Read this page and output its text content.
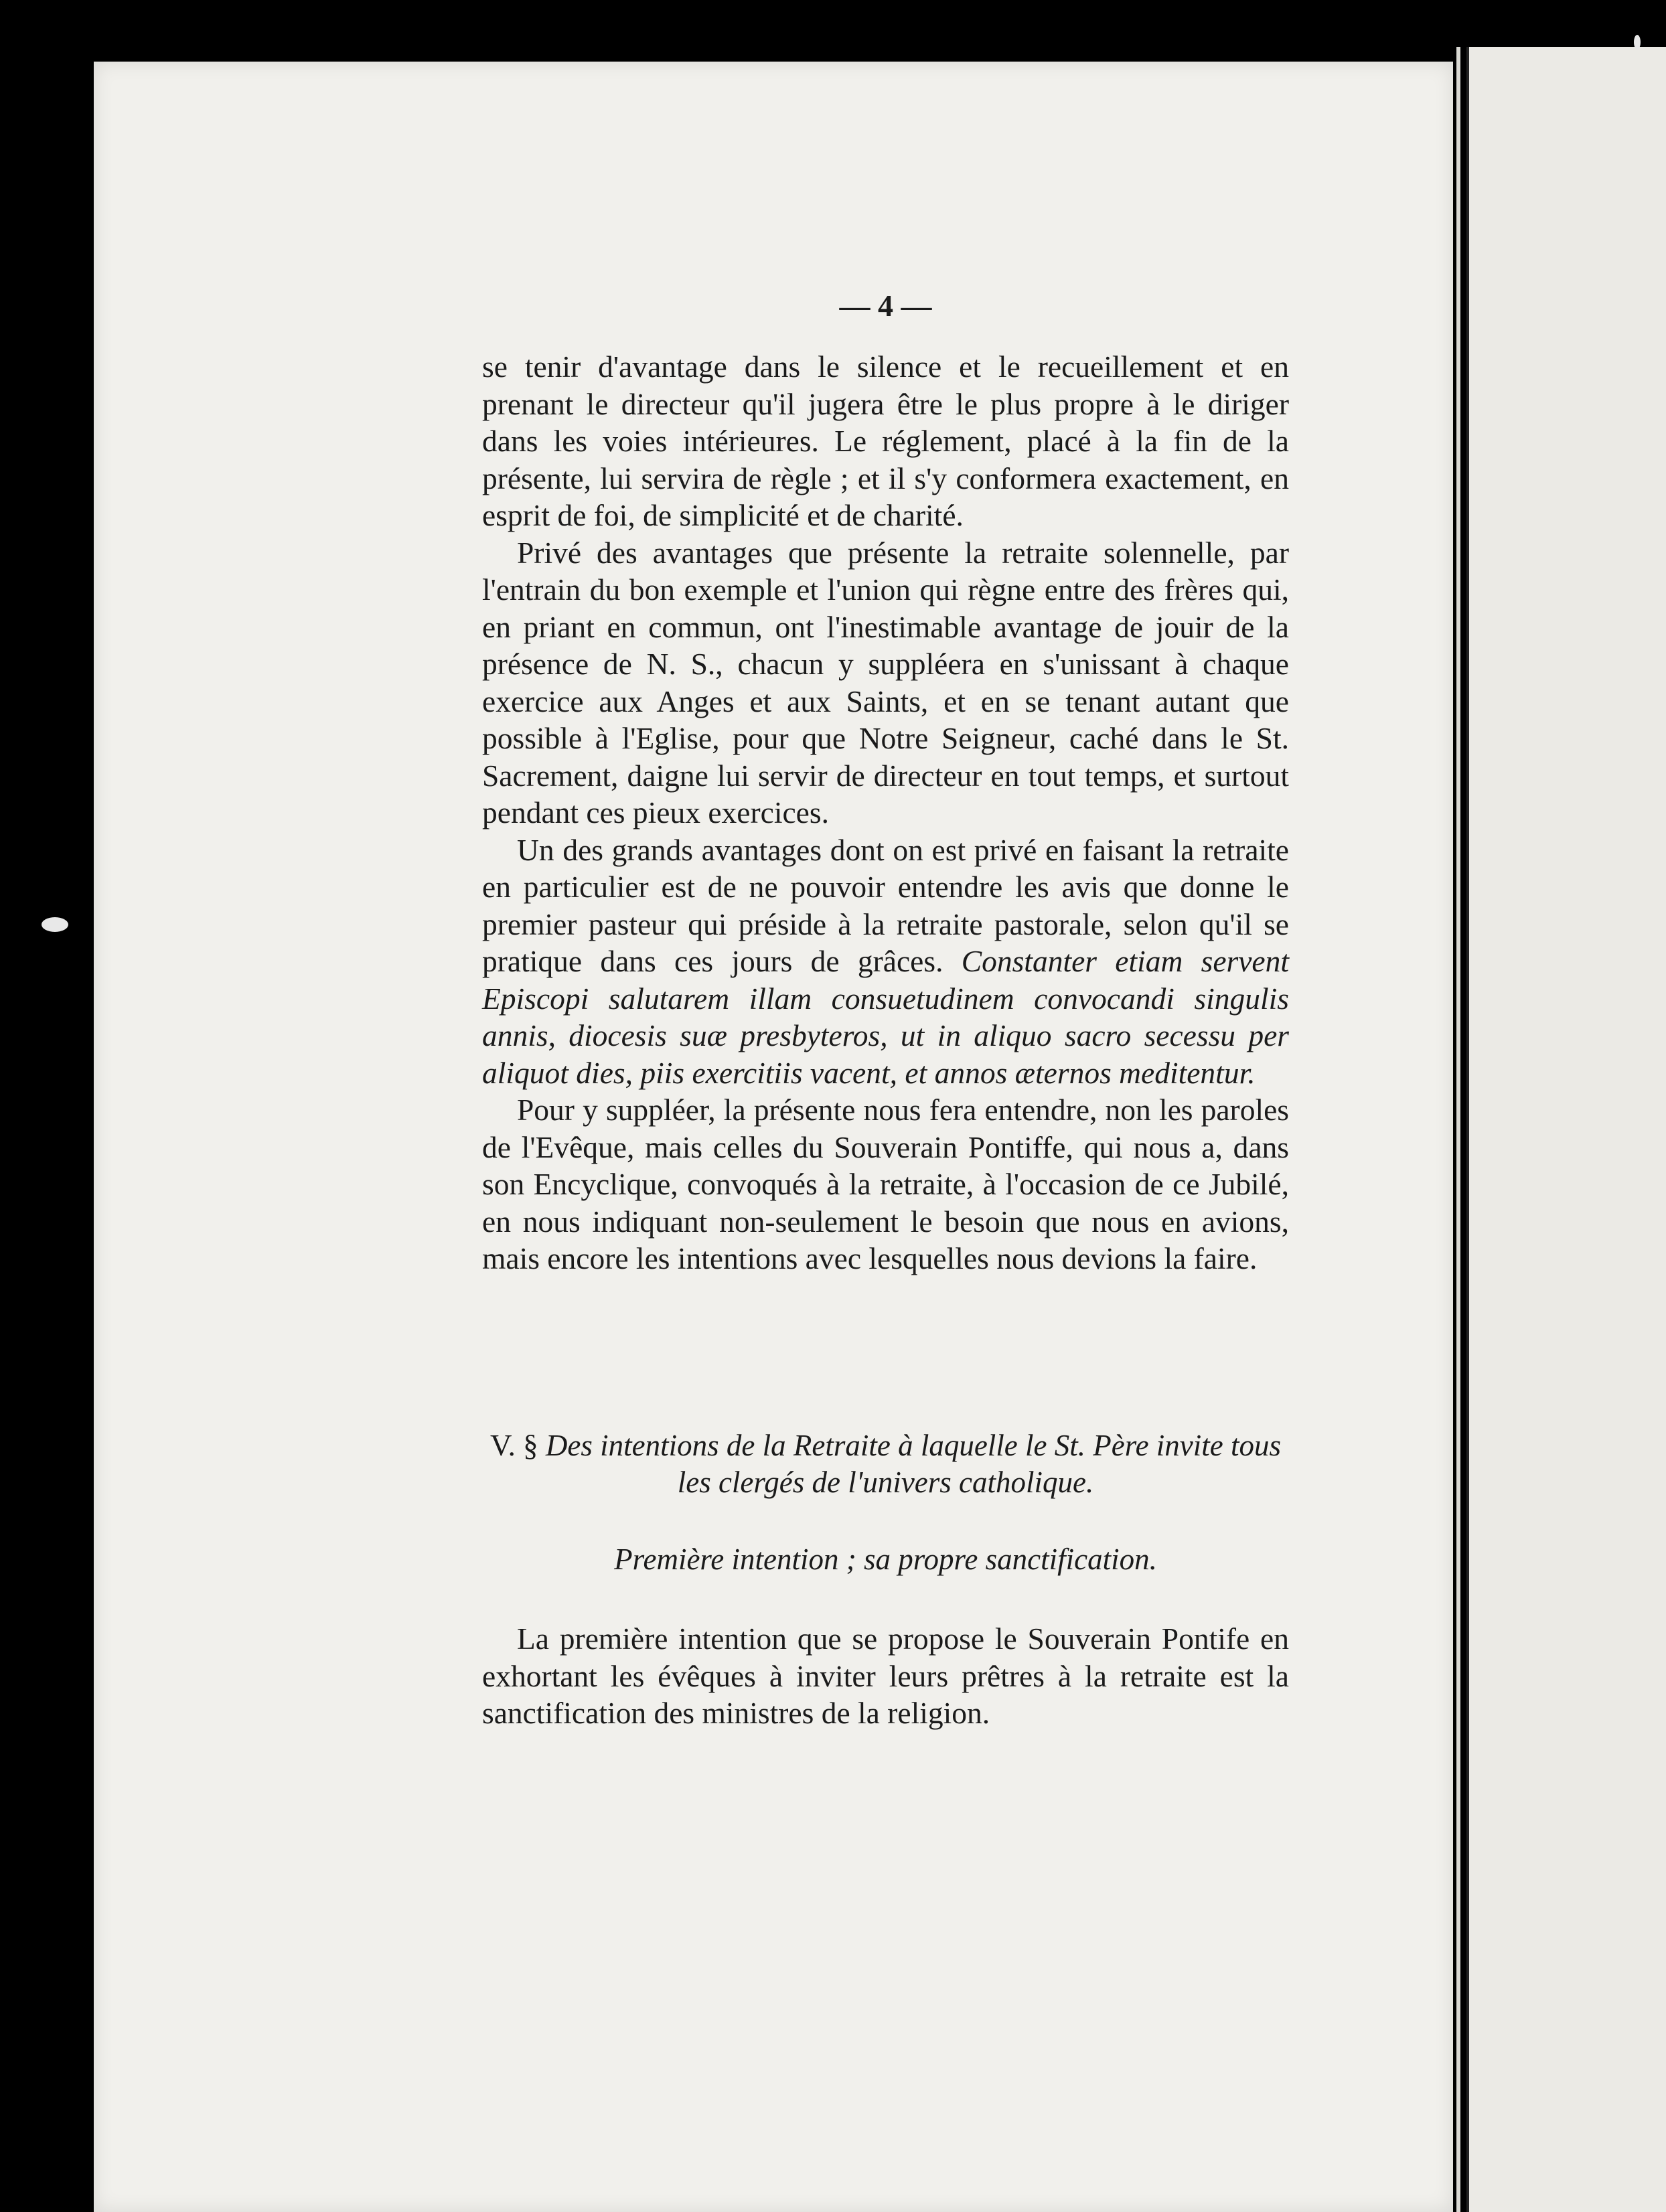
— 4 —

se tenir d'avantage dans le silence et le recueillement et en prenant le directeur qu'il jugera être le plus propre à le diriger dans les voies intérieures. Le réglement, placé à la fin de la présente, lui servira de règle ; et il s'y conformera exactement, en esprit de foi, de simplicité et de charité.

Privé des avantages que présente la retraite solennelle, par l'entrain du bon exemple et l'union qui règne entre des frères qui, en priant en commun, ont l'inestimable avantage de jouir de la présence de N. S., chacun y suppléera en s'unissant à chaque exercice aux Anges et aux Saints, et en se tenant autant que possible à l'Eglise, pour que Notre Seigneur, caché dans le St. Sacrement, daigne lui servir de directeur en tout temps, et surtout pendant ces pieux exercices.

Un des grands avantages dont on est privé en faisant la retraite en particulier est de ne pouvoir entendre les avis que donne le premier pasteur qui préside à la retraite pastorale, selon qu'il se pratique dans ces jours de grâces. Constanter etiam servent Episcopi salutarem illam consuetudinem convocandi singulis annis, diocesis suæ presbyteros, ut in aliquo sacro secessu per aliquot dies, piis exercitiis vacent, et annos æternos meditentur.

Pour y suppléer, la présente nous fera entendre, non les paroles de l'Evêque, mais celles du Souverain Pontiffe, qui nous a, dans son Encyclique, convoqués à la retraite, à l'occasion de ce Jubilé, en nous indiquant non-seulement le besoin que nous en avions, mais encore les intentions avec lesquelles nous devions la faire.

V. § Des intentions de la Retraite à laquelle le St. Père invite tous les clergés de l'univers catholique.

Première intention ; sa propre sanctification.

La première intention que se propose le Souverain Pontife en exhortant les évêques à inviter leurs prêtres à la retraite est la sanctification des ministres de la religion.
